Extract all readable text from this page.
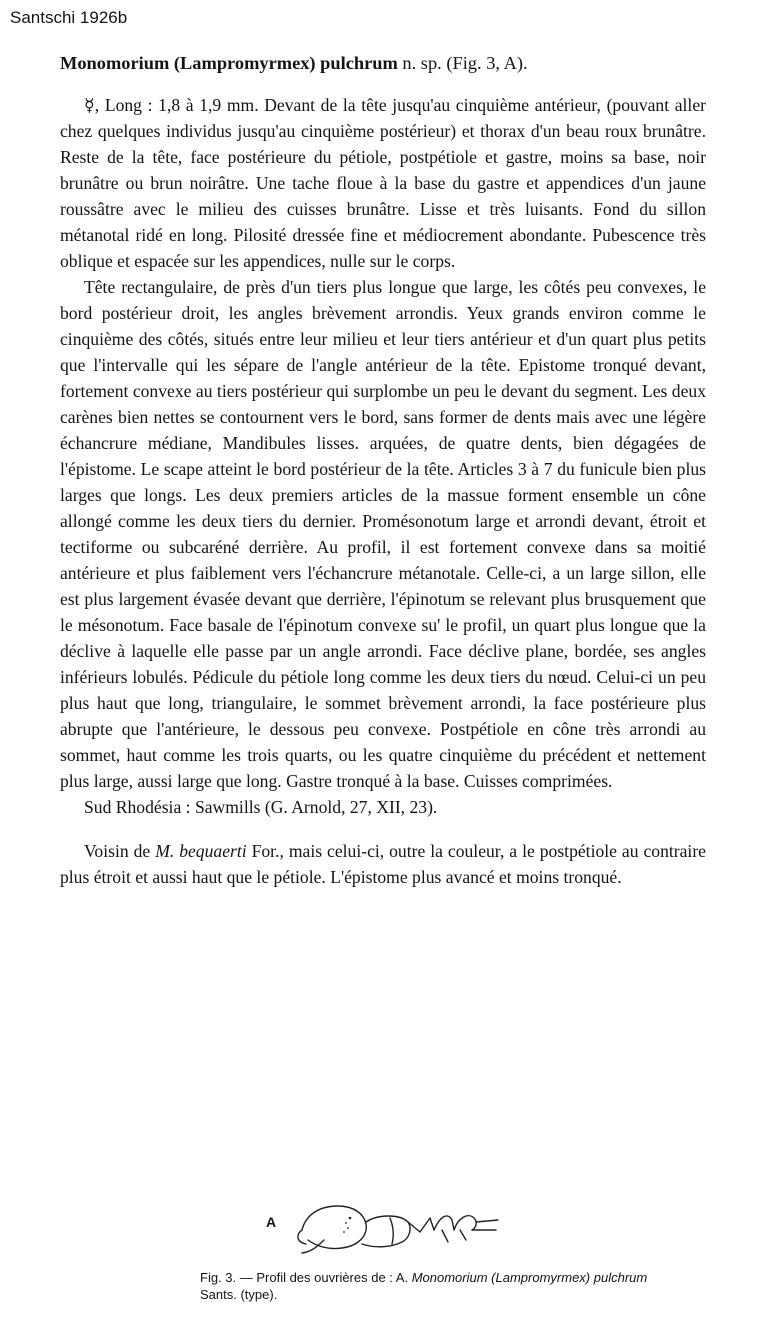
Santschi 1926b

Monomorium (Lampromyrmex) pulchrum n. sp. (Fig. 3, A).

☿, Long : 1,8 à 1,9 mm. Devant de la tête jusqu'au cinquième antérieur, (pouvant aller chez quelques individus jusqu'au cinquième postérieur) et thorax d'un beau roux brunâtre. Reste de la tête, face postérieure du pétiole, postpétiole et gastre, moins sa base, noir brunâtre ou brun noirâtre. Une tache floue à la base du gastre et appendices d'un jaune roussâtre avec le milieu des cuisses brunâtre. Lisse et très luisants. Fond du sillon métanotal ridé en long. Pilosité dressée fine et médiocrement abondante. Pubescence très oblique et espacée sur les appendices, nulle sur le corps.

Tête rectangulaire, de près d'un tiers plus longue que large, les côtés peu convexes, le bord postérieur droit, les angles brèvement arrondis. Yeux grands environ comme le cinquième des côtés, situés entre leur milieu et leur tiers antérieur et d'un quart plus petits que l'intervalle qui les sépare de l'angle antérieur de la tête. Epistome tronqué devant, fortement convexe au tiers postérieur qui surplombe un peu le devant du segment. Les deux carènes bien nettes se contournent vers le bord, sans former de dents mais avec une légère échancrure médiane, Mandibules lisses. arquées, de quatre dents, bien dégagées de l'épistome. Le scape atteint le bord postérieur de la tête. Articles 3 à 7 du funicule bien plus larges que longs. Les deux premiers articles de la massue forment ensemble un cône allongé comme les deux tiers du dernier. Promésonotum large et arrondi devant, étroit et tectiforme ou subcaréné derrière. Au profil, il est fortement convexe dans sa moitié antérieure et plus faiblement vers l'échancrure métanotale. Celle-ci, a un large sillon, elle est plus largement évasée devant que derrière, l'épinotum se relevant plus brusquement que le mésonotum. Face basale de l'épinotum convexe su' le profil, un quart plus longue que la déclive à laquelle elle passe par un angle arrondi. Face déclive plane, bordée, ses angles inférieurs lobulés. Pédicule du pétiole long comme les deux tiers du nœud. Celui-ci un peu plus haut que long, triangulaire, le sommet brèvement arrondi, la face postérieure plus abrupte que l'antérieure, le dessous peu convexe. Postpétiole en cône très arrondi au sommet, haut comme les trois quarts, ou les quatre cinquième du précédent et nettement plus large, aussi large que long. Gastre tronqué à la base. Cuisses comprimées.

Sud Rhodésia : Sawmills (G. Arnold, 27, XII, 23).

Voisin de M. bequaerti For., mais celui-ci, outre la couleur, a le postpétiole au contraire plus étroit et aussi haut que le pétiole. L'épistome plus avancé et moins tronqué.

A
Fig. 3. — Profil des ouvrières de : A. Monomorium (Lampromyrmex) pulchrum Sants. (type).
